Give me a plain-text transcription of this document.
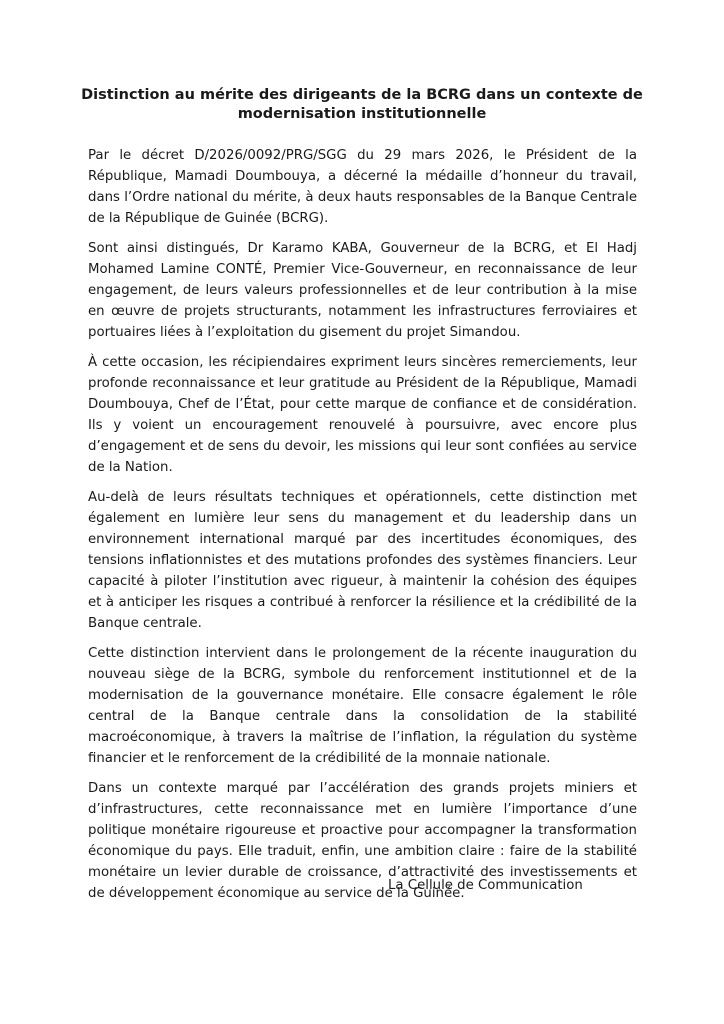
Distinction au mérite des dirigeants de la BCRG dans un contexte de modernisation institutionnelle

Par le décret D/2026/0092/PRG/SGG du 29 mars 2026, le Président de la République, Mamadi Doumbouya, a décerné la médaille d’honneur du travail, dans l’Ordre national du mérite, à deux hauts responsables de la Banque Centrale de la République de Guinée (BCRG).

Sont ainsi distingués, Dr Karamo KABA, Gouverneur de la BCRG, et El Hadj Mohamed Lamine CONTÉ, Premier Vice-Gouverneur, en reconnaissance de leur engagement, de leurs valeurs professionnelles et de leur contribution à la mise en œuvre de projets structurants, notamment les infrastructures ferroviaires et portuaires liées à l’exploitation du gisement du projet Simandou.

À cette occasion, les récipiendaires expriment leurs sincères remerciements, leur profonde reconnaissance et leur gratitude au Président de la République, Mamadi Doumbouya, Chef de l’État, pour cette marque de confiance et de considération. Ils y voient un encouragement renouvelé à poursuivre, avec encore plus d’engagement et de sens du devoir, les missions qui leur sont confiées au service de la Nation.

Au-delà de leurs résultats techniques et opérationnels, cette distinction met également en lumière leur sens du management et du leadership dans un environnement international marqué par des incertitudes économiques, des tensions inflationnistes et des mutations profondes des systèmes financiers. Leur capacité à piloter l’institution avec rigueur, à maintenir la cohésion des équipes et à anticiper les risques a contribué à renforcer la résilience et la crédibilité de la Banque centrale.

Cette distinction intervient dans le prolongement de la récente inauguration du nouveau siège de la BCRG, symbole du renforcement institutionnel et de la modernisation de la gouvernance monétaire. Elle consacre également le rôle central de la Banque centrale dans la consolidation de la stabilité macroéconomique, à travers la maîtrise de l’inflation, la régulation du système financier et le renforcement de la crédibilité de la monnaie nationale.

Dans un contexte marqué par l’accélération des grands projets miniers et d’infrastructures, cette reconnaissance met en lumière l’importance d’une politique monétaire rigoureuse et proactive pour accompagner la transformation économique du pays. Elle traduit, enfin, une ambition claire : faire de la stabilité monétaire un levier durable de croissance, d’attractivité des investissements et de développement économique au service de la Guinée.

La Cellule de Communication
